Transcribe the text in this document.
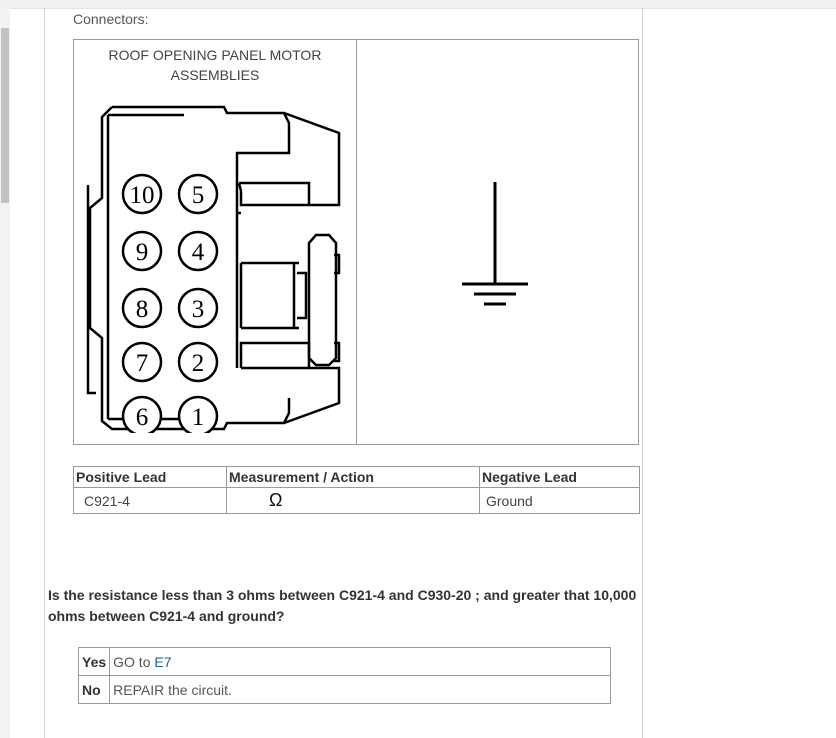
Connectors:
ROOF OPENING PANEL MOTOR ASSEMBLIES
10 5
9 4
8 3
7 2
6 1
Positive Lead	Measurement / Action	Negative Lead
C921-4	Ω	Ground
Is the resistance less than 3 ohms between C921-4 and C930-20 ; and greater that 10,000 ohms between C921-4 and ground?
Yes	GO to E7
No	REPAIR the circuit.
